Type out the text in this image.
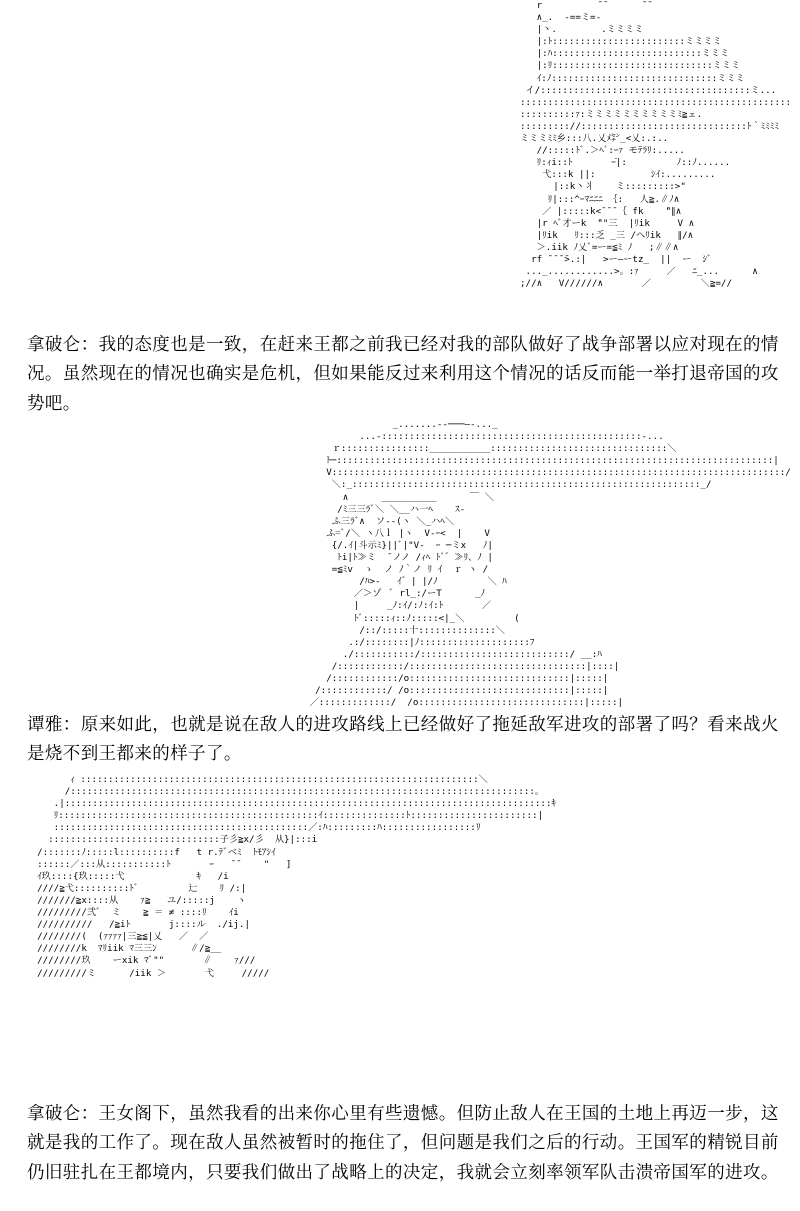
r          ̄ ̄       ̄ ̄
∧_.  -==ミ=-
|丶.        .ミミミミ
|:ﾄ::::::::::::::::::::::::ミミミミ
|:ﾊ:::::::::::::::::::::::::::ミミミ
|:ﾘ:::::::::::::::::::::::::::::ミミミ
ｲ:ﾉ::::::::::::::::::::::::::::::ミミミ
イ/::::::::::::::::::::::::::::::::::::::ミ...
:::::::::::::::::::::::::::::::::::::::::::::::::
::::::::::ｧ:ミミミミミミミミミミﾐ≧ェ.
::::::::://::::::::::::::::::::::::::::::ﾄ｀ﾐﾐﾐﾐ
ミミミﾐﾐ乡:::八.乂ﾒ㌢_<乂:.:..
//:::::ﾄﾞ.＞ﾍﾞ:ｰｧ モﾃﾗﾘ:.....
ﾘ:ｨi::ﾄ       ｰ̄|:         ﾉ::ﾉ......
弋:::k ||:          ｼｲ:.........
|::k丶丬    ミ:::::::::>"
ﾘ|:::^ｰﾏﾆﾆﾆ ｛:   人≧.∥ﾉ∧
／ |:::::k<¯¯¯｛ fk    ̄"∥∧
|r ﾍﾞ才ーk  ̄""三  |ﾘik     V ∧
|ﾘik   ﾘ:::乏 _三 /へﾘik   ∥/∧
＞.iik ﾉ乂ﾞ=ー=≦ﾐ ﾉ   ;∥∥∧
rf ̄ ̄ ̄ ̄>.:|   >ー―ーtz_  ||  ー  ｼﾞ
..._............>。:ｧ     ／   ﾆ_...      ∧
;//∧   V//////∧       ／         ＼≧=//
拿破仑：我的态度也是一致，在赶来王都之前我已经对我的部队做好了战争部署以应对现在的情况。虽然现在的情况也确实是危机，但如果能反过来利用这个情况的话反而能一举打退帝国的攻势吧。
_.......--───―-..._
...-:::::::::::::::::::::::::::::::::::::::::::::::-...
ｒ::::::::::::::::___________::::::::::::::::::::::::::::::::＼
ﾄ─:::::::::::::::::::::::::::::::::::::::::::::::::::::::::::::::::::::::::::::::|
V::::::::::::::::::::::::::::::::::::::::::::::::::::::::::::::::::::::::::::::::::/
＼:_:::::::::::::::::::::::::::::::::::::::::::::::::::::::::::::::_/
∧      __________      ￣ ＼
/ﾐ三三ﾗﾞ＼ ＼__ハ一ﾍ    ｽ-
ふ三ﾗﾞ∧  ソ--(ヽ ＼_ハﾍ＼
ふ=ﾞ/＼ ヽ八ｌ |ヽ  V-ｰ<  |    V
{/.ｲ|斗示ﾐ}||ﾞ|"V-  ｰ ─ミx   ﾉ|
ﾄi|ﾄ≫ミ  ̄ ノノ /ｨﾍ ﾄﾞ゛≫ﾘ、ﾉ |
=≦ﾐv  ゝ  ノ ﾉ｀ノ ﾘ ｲ  ｒ ヽ /
/ﾊ>-   ｲ゛| |/ﾉ         ＼ ﾊ
／＞ゾ  ﾞ rl_:/ーT      _ﾉ
|     _ﾉ:ｲ/:ﾉ:ｲ:ﾄ       ／
ﾄﾞ:::::ｨ::ﾉ:::::<|_＼         (
/::/:::::十::::::::::::::＼
.:/::::::::|ﾉ::::::::::::::::::::ﾌ
./:::::::::::/:::::::::::::::::::::::::::/ __:ﾊ
/::::::::::::/::::::::::::::::::::::::::::::::|::::|
/::::::::::::/o:::::::::::::::::::::::::::::|:::::|
/::::::::::::/ /o:::::::::::::::::::::::::::::|:::::|
／:::::::::::::/  /o::::::::::::::::::::::::::::::|:::::|
谭雅：原来如此，也就是说在敌人的进攻路线上已经做好了拖延敌军进攻的部署了吗？看来战火是烧不到王都来的样子了。
ｨ ::::::::::::::::::::::::::::::::::::::::::::::::::::::::::::::::::::::::＼
/::::::::::::::::::::::::::::::::::::::::::::::::::::::::::::::::::::::::::::::::::::。
.|::::::::::::::::::::::::::::::::::::::::::::::::::::::::::::::::::::::::::::::::::::::::ｷ
ﾘ:::::::::::::::::::::::::::::::::::::::::::::::ｲ:::::::::::::::ﾄ:::::::::::::::::::::::|
::::::::::::::::::::::::::::::::::::::::::::::／:ﾊ:::::::::ﾊ:::::::::::::::::ﾘ
:::::::::::::::::::::::::::::::子彡≧x/彡  从}|:::i
/:::::::ﾉ:::::l::::::::::f   t r.ﾃﾞベﾐ  ﾄﾓｱｼｲ
::::::／:::从:::::::::::ﾄ       ｰ   ̄ ̄     "   ]
ｲ玖::::{玖:::::弋             ｷ   /i
////≧弋::::::::::ﾄﾞ         辷    ﾘ /:|
///////≧x::::从    ｧ≧   ユ/:::::j    ヽ
/////////弐ﾞ  ミ    ≧ ＝ ≠ ::::ﾘ    ｲi
//////////   /≧iﾄ       j::::ル  ./ij.|
////////(  (ｧｧｧｧ|三≧≦|乂   ／  ／
////////k  ﾏﾘiik ﾏ三三ﾝ      ∥/≧__
////////玖    ーxik ﾏﾞ""       ∥    ｧ///
/////////ミ      /iik ＞       弋     /////
拿破仑：王女阁下，虽然我看的出来你心里有些遗憾。但防止敌人在王国的土地上再迈一步，这就是我的工作了。现在敌人虽然被暂时的拖住了，但问题是我们之后的行动。王国军的精锐目前仍旧驻扎在王都境内，只要我们做出了战略上的决定，我就会立刻率领军队击溃帝国军的进攻。
